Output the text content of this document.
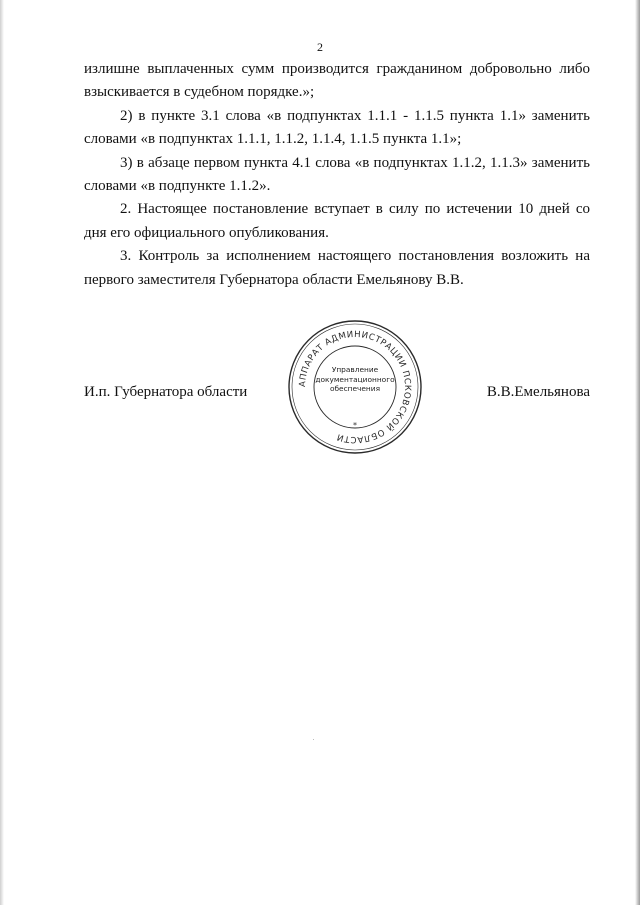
2

излишне выплаченных сумм производится гражданином добровольно либо взыскивается в судебном порядке.»;

2) в пункте 3.1 слова «в подпунктах 1.1.1 - 1.1.5 пункта 1.1» заменить словами «в подпунктах 1.1.1, 1.1.2, 1.1.4, 1.1.5 пункта 1.1»;

3) в абзаце первом пункта 4.1 слова «в подпунктах 1.1.2, 1.1.3» заменить словами «в подпункте 1.1.2».

2. Настоящее постановление вступает в силу по истечении 10 дней со дня его официального опубликования.

3. Контроль за исполнением настоящего постановления возложить на первого заместителя Губернатора области Емельянову В.В.

АППАРАТ АДМИНИСТРАЦИИ ПСКОВСКОЙ ОБЛАСТИ
Управление
документационного
обеспечения
*
И.п. Губернатора области	В.В.Емельянова
